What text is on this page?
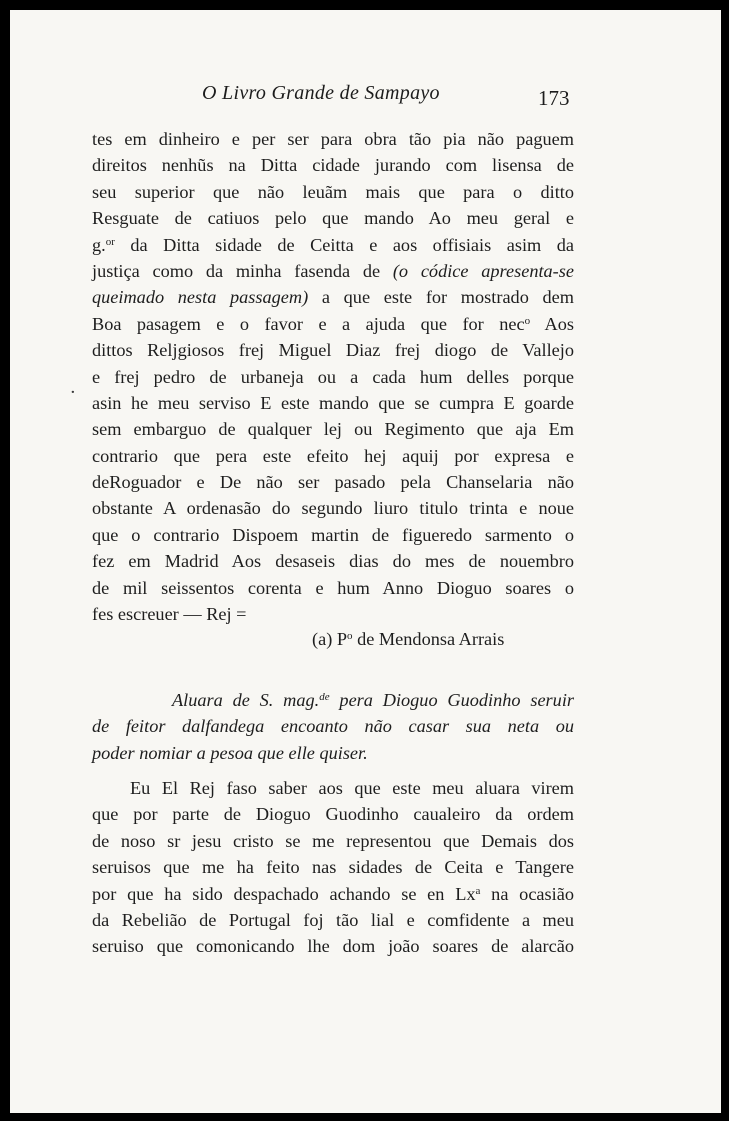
O Livro Grande de Sampayo	173
·
tes em dinheiro e per ser para obra tão pia não paguem
direitos nenhũs na Ditta cidade jurando com lisensa de
seu superior que não leuãm mais que para o ditto
Resguate de catiuos pelo que mando Ao meu geral e
g.$^{or}$ da Ditta sidade de Ceitta e aos offisiais asim da
justiça como da minha fasenda de (o códice apresenta-se
queimado nesta passagem) a que este for mostrado dem
Boa pasagem e o favor e a ajuda que for nec$^o$ Aos
dittos Reljgiosos frej Miguel Diaz frej diogo de Vallejo
e frej pedro de urbaneja ou a cada hum delles porque
asin he meu serviso E este mando que se cumpra E goarde
sem embarguo de qualquer lej ou Regimento que aja Em
contrario que pera este efeito hej aquij por expresa e
deRoguador e De não ser pasado pela Chanselaria não
obstante A ordenasão do segundo liuro titulo trinta e noue
que o contrario Dispoem martin de figueredo sarmento o
fez em Madrid Aos desaseis dias do mes de nouembro
de mil seissentos corenta e hum Anno Dioguo soares o
fes escreuer — Rej =
(a) $P^o$ de Mendonsa Arrais
Aluara de S. mag.$^{de}$ pera Dioguo Guodinho seruir
de feitor dalfandega encoanto não casar sua neta ou
poder nomiar a pesoa que elle quiser.
Eu El Rej faso saber aos que este meu aluara virem
que por parte de Dioguo Guodinho caualeiro da ordem
de noso sr jesu cristo se me representou que Demais dos
seruisos que me ha feito nas sidades de Ceita e Tangere
por que ha sido despachado achando se en Lx$^a$ na ocasião
da Rebelião de Portugal foj tão lial e comfidente a meu
seruiso que comonicando lhe dom joão soares de alarcão
